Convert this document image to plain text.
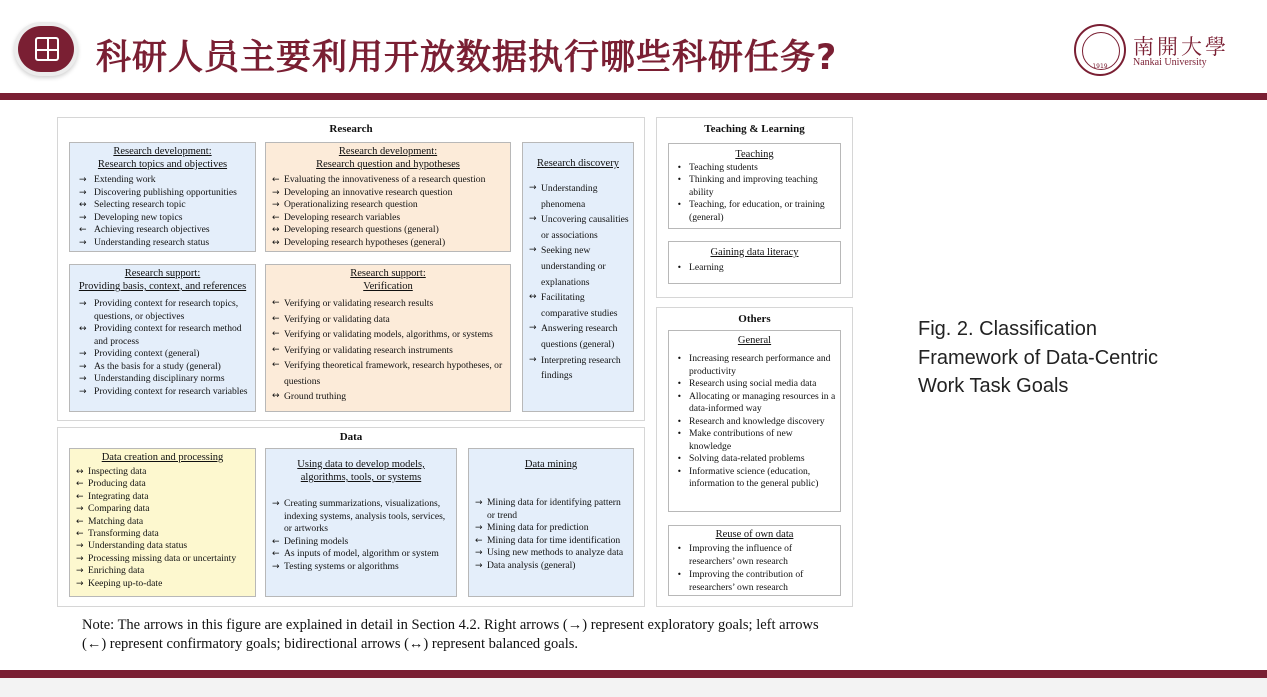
科研人员主要利用开放数据执行哪些科研任务?	1919
南開大學
Nankai University
Research
Research development:
Research topics and objectives
→ Extending work
→ Discovering publishing opportunities
↔ Selecting research topic
→ Developing new topics
← Achieving research objectives
→ Understanding research status
Research development:
Research question and hypotheses
← Evaluating the innovativeness of a research question
→ Developing an innovative research question
→ Operationalizing research question
← Developing research variables
↔ Developing research questions (general)
↔ Developing research hypotheses (general)
Research discovery
→ Understanding phenomena
→ Uncovering causalities or associations
→ Seeking new understanding or explanations
↔ Facilitating comparative studies
→ Answering research questions (general)
→ Interpreting research findings
Research support:
Providing basis, context, and references
→ Providing context for research topics, questions, or objectives
↔ Providing context for research method and process
→ Providing context (general)
→ As the basis for a study (general)
→ Understanding disciplinary norms
→ Providing context for research variables
Research support:
Verification
← Verifying or validating research results
← Verifying or validating data
← Verifying or validating models, algorithms, or systems
← Verifying or validating research instruments
← Verifying theoretical framework, research hypotheses, or questions
↔ Ground truthing
Data
Data creation and processing
↔ Inspecting data
← Producing data
← Integrating data
→ Comparing data
← Matching data
← Transforming data
→ Understanding data status
→ Processing missing data or uncertainty
→ Enriching data
→ Keeping up-to-date
Using data to develop models,
algorithms, tools, or systems
→ Creating summarizations, visualizations, indexing systems, analysis tools, services, or artworks
← Defining models
← As inputs of model, algorithm or system
→ Testing systems or algorithms
Data mining
→ Mining data for identifying pattern or trend
→ Mining data for prediction
← Mining data for time identification
→ Using new methods to analyze data
→ Data analysis (general)
Teaching & Learning
Teaching
• Teaching students
• Thinking and improving teaching ability
• Teaching, for education, or training (general)
Gaining data literacy
• Learning
Others
General
• Increasing research performance and productivity
• Research using social media data
• Allocating or managing resources in a data-informed way
• Research and knowledge discovery
• Make contributions of new knowledge
• Solving data-related problems
• Informative science (education, information to the general public)
Reuse of own data
• Improving the influence of researchers’ own research
• Improving the contribution of researchers’ own research
Fig. 2. Classification Framework of Data-Centric Work Task Goals
Note: The arrows in this figure are explained in detail in Section 4.2. Right arrows (→) represent exploratory goals; left arrows (←) represent confirmatory goals; bidirectional arrows (↔) represent balanced goals.
